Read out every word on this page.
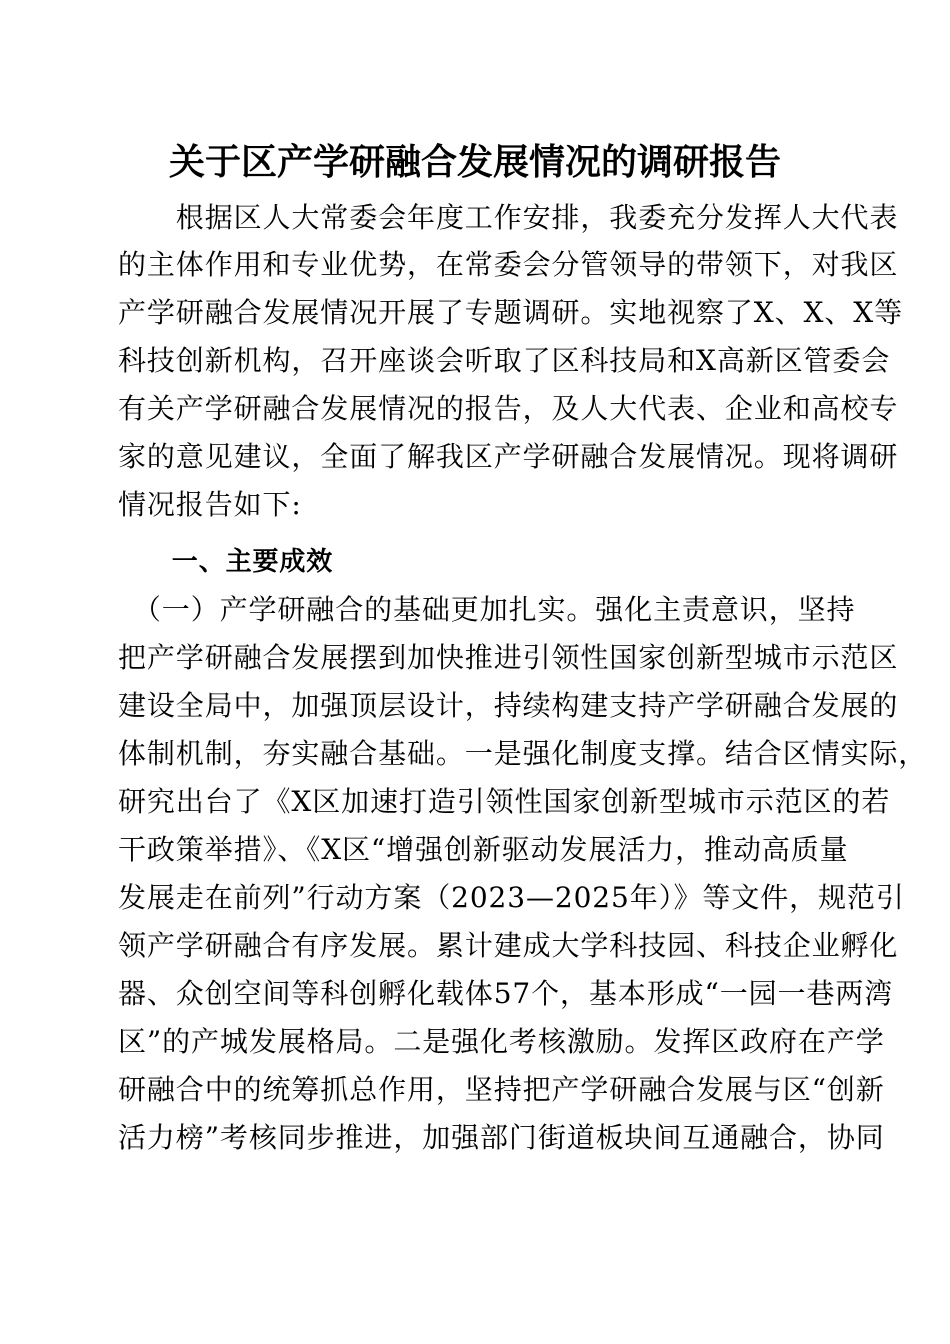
关于区产学研融合发展情况的调研报告
　　根据区人大常委会年度工作安排，我委充分发挥人大代表
的主体作用和专业优势，在常委会分管领导的带领下，对我区
产学研融合发展情况开展了专题调研。实地视察了X、X、X等
科技创新机构，召开座谈会听取了区科技局和X高新区管委会
有关产学研融合发展情况的报告，及人大代表、企业和高校专
家的意见建议，全面了解我区产学研融合发展情况。现将调研
情况报告如下:
　　一、主要成效
　（一）产学研融合的基础更加扎实。强化主责意识，坚持
把产学研融合发展摆到加快推进引领性国家创新型城市示范区
建设全局中，加强顶层设计，持续构建支持产学研融合发展的
体制机制，夯实融合基础。一是强化制度支撑。结合区情实际，
研究出台了《X区加速打造引领性国家创新型城市示范区的若
干政策举措》、《X区“增强创新驱动发展活力，推动高质量
发展走在前列”行动方案（2023—2025年）》等文件，规范引
领产学研融合有序发展。累计建成大学科技园、科技企业孵化
器、众创空间等科创孵化载体57个，基本形成“一园一巷两湾
区”的产城发展格局。二是强化考核激励。发挥区政府在产学
研融合中的统筹抓总作用，坚持把产学研融合发展与区“创新
活力榜”考核同步推进，加强部门街道板块间互通融合，协同
